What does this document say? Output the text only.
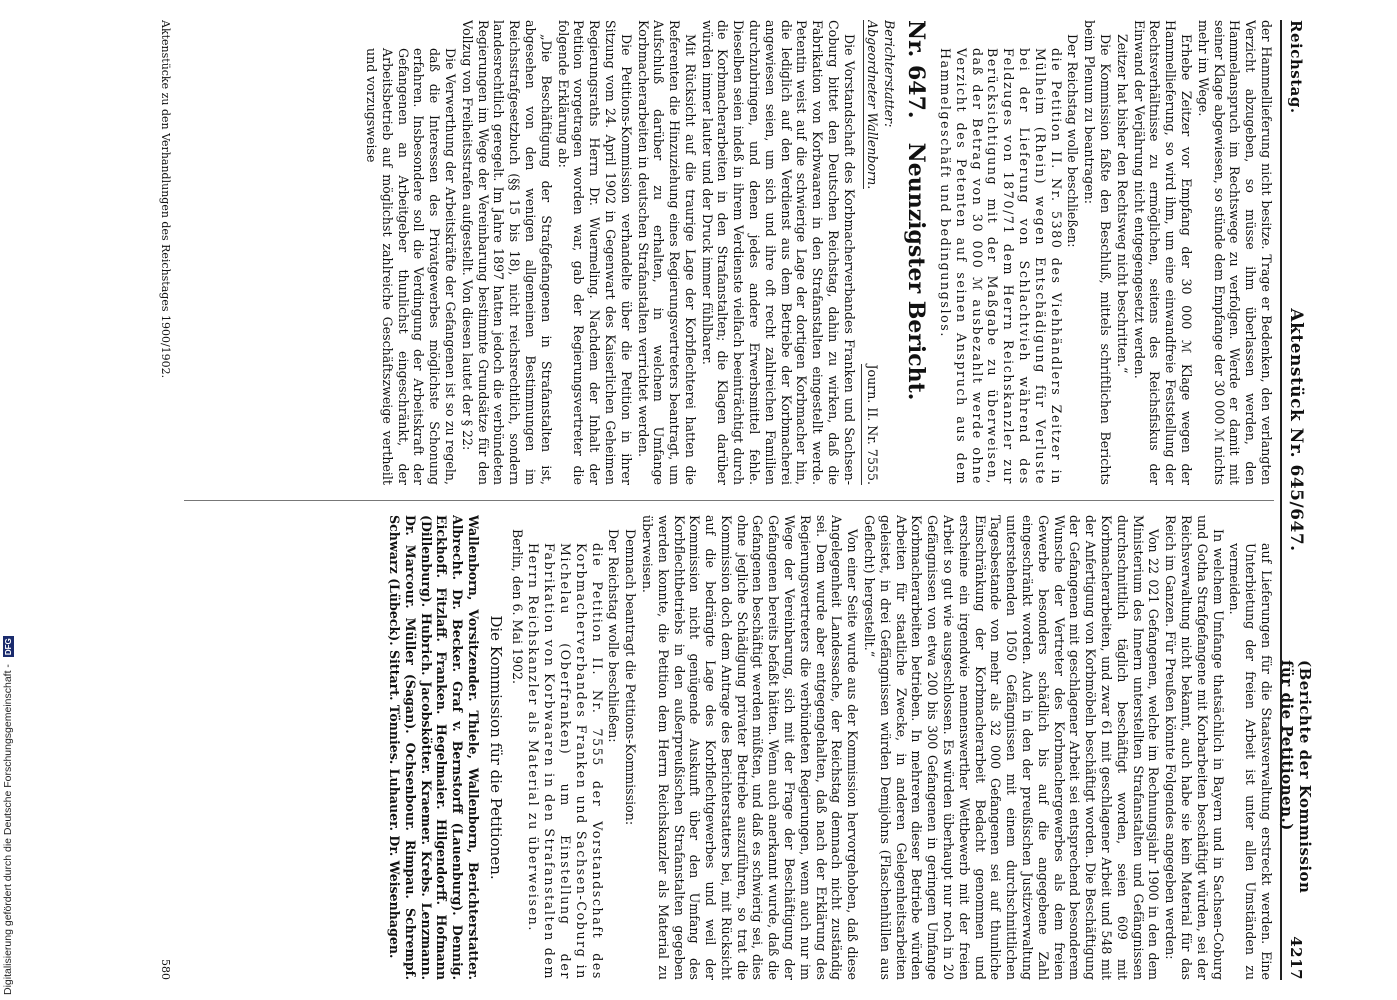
Digitalisierung gefördert durch die Deutsche Forschungsgemeinschaft - DFG
Reichstag.
Aktenstück Nr. 645/647.
(Berichte der Kommission für die Petitionen.)
4217

der Hammellieferung nicht besitze. Trage er Bedenken, den verlangten Verzicht abzugeben, so müsse ihm überlassen werden, den Hammelanspruch im Rechtswege zu verfolgen. Werde er damit mit seiner Klage abgewiesen, so stünde dem Empfange der 30 000 ℳ nichts mehr im Wege.

Erhebe Zeitzer vor Empfang der 30 000 ℳ Klage wegen der Hammellieferung, so wird ihm, um eine einwandfreie Feststellung der Rechtsverhältnisse zu ermöglichen, seitens des Reichsfiskus der Einwand der Verjährung nicht entgegengesetzt werden.

Zeitzer hat bisher den Rechtsweg nicht beschritten.“

Die Kommission faßte den Beschluß, mittels schriftlichen Berichts beim Plenum zu beantragen:

Der Reichstag wolle beschließen:

die Petition II. Nr. 5380 des Viehhändlers Zeitzer in Mülheim (Rhein) wegen Entschädigung für Verluste bei der Lieferung von Schlachtvieh während des Feldzuges von 1870/71 dem Herrn Reichskanzler zur Berücksichtigung mit der Maßgabe zu überweisen, daß der Betrag von 30 000 ℳ ausbezahlt werde ohne Verzicht des Petenten auf seinen Anspruch aus dem Hammelgeschäft und bedingungslos.

Nr. 647.
Neunzigster Bericht.
Berichterstatter:
Abgeordneter Wallenborn.
Journ. II. Nr. 7555.

Die Vorstandschaft des Korbmacherverbandes Franken und Sachsen-Coburg bittet den Deutschen Reichstag, dahin zu wirken, daß die Fabrikation von Korbwaaren in den Strafanstalten eingestellt werde. Petentin weist auf die schwierige Lage der dortigen Korbmacher hin, die lediglich auf den Verdienst aus dem Betriebe der Korbmacherei angewiesen seien, um sich und ihre oft recht zahlreichen Familien durchzubringen, und denen jedes andere Erwerbsmittel fehle. Dieselben seien indeß in ihrem Verdienste vielfach beeinträchtigt durch die Korbmacherarbeiten in den Strafanstalten; die Klagen darüber würden immer lauter und der Druck immer fühlbarer.

Mit Rücksicht auf die traurige Lage der Korbflechterei hatten die Referenten die Hinzuziehung eines Regierungsvertreters beantragt, um Aufschluß darüber zu erhalten, in welchem Umfange Korbmacherarbeiten in deutschen Strafanstalten verrichtet werden.

Die Petitions-Kommission verhandelte über die Petition in ihrer Sitzung vom 24. April 1902 in Gegenwart des Kaiserlichen Geheimen Regierungsraths Herrn Dr. Wuermeling. Nachdem der Inhalt der Petition vorgetragen worden war, gab der Regierungsvertreter die folgende Erklärung ab:

„Die Beschäftigung der Strafgefangenen in Strafanstalten ist, abgesehen von den wenigen allgemeinen Bestimmungen im Reichsstrafgesetzbuch (§§ 15 bis 18), nicht reichsrechtlich, sondern landesrechtlich geregelt. Im Jahre 1897 hatten jedoch die verbündeten Regierungen im Wege der Vereinbarung bestimmte Grundsätze für den Vollzug von Freiheitsstrafen aufgestellt. Von diesen lautet der § 22:

Die Verwerthung der Arbeitskräfte der Gefangenen ist so zu regeln, daß die Interessen des Privatgewerbes möglichste Schonung erfahren. Insbesondere soll die Verdingung der Arbeitskraft der Gefangenen an Arbeitgeber thunlichst eingeschränkt, der Arbeitsbetrieb auf möglichst zahlreiche Geschäftszweige vertheilt und vorzugsweise

auf Lieferungen für die Staatsverwaltung erstreckt werden. Eine Unterbietung der freien Arbeit ist unter allen Umständen zu vermeiden.

In welchem Umfange thatsächlich in Bayern und in Sachsen-Coburg und Gotha Strafgefangene mit Korbarbeiten beschäftigt würden, sei der Reichsverwaltung nicht bekannt, auch habe sie kein Material für das Reich im Ganzen. Für Preußen könnte Folgendes angegeben werden:

Von 22 021 Gefangenen, welche im Rechnungsjahr 1900 in den dem Ministerium des Innern unterstellten Strafanstalten und Gefängnissen durchschnittlich täglich beschäftigt worden, seien 609 mit Korbmacherarbeiten, und zwar 61 mit geschlagener Arbeit und 548 mit der Anfertigung von Korbmöbeln beschäftigt worden. Die Beschäftigung der Gefangenen mit geschlagener Arbeit sei entsprechend besonderem Wunsche der Vertreter des Korbmachergewerbes als dem freien Gewerbe besonders schädlich bis auf die angegebene Zahl eingeschränkt worden. Auch in den der preußischen Justizverwaltung unterstehenden 1050 Gefängnissen mit einem durchschnittlichen Tagesbestande von mehr als 32 000 Gefangenen sei auf thunliche Einschränkung der Korbmacherarbeit Bedacht genommen und erscheine ein irgendwie nennenswerther Wettbewerb mit der freien Arbeit so gut wie ausgeschlossen. Es würden überhaupt nur noch in 20 Gefängnissen von etwa 200 bis 300 Gefangenen in geringem Umfange Korbmacherarbeiten betrieben. In mehreren dieser Betriebe würden Arbeiten für staatliche Zwecke, in anderen Gelegenheitsarbeiten geleistet, in drei Gefängnissen würden Demijohns (Flaschenhüllen aus Geflecht) hergestellt.“

Von einer Seite wurde aus der Kommission hervorgehoben, daß diese Angelegenheit Landessache, der Reichstag demnach nicht zuständig sei. Dem wurde aber entgegengehalten, daß nach der Erklärung des Regierungsvertreters die verbündeten Regierungen, wenn auch nur im Wege der Vereinbarung, sich mit der Frage der Beschäftigung der Gefangenen bereits befaßt hätten. Wenn auch anerkannt wurde, daß die Gefangenen beschäftigt werden müßten, und daß es schwierig sei, dies ohne jegliche Schädigung privater Betriebe auszuführen, so trat die Kommission doch dem Antrage des Berichterstatters bei, mit Rücksicht auf die bedrängte Lage des Korbflechtgewerbes und weil der Kommission nicht genügende Auskunft über den Umfang des Korbflechtbetriebs in den außerpreußischen Strafanstalten gegeben werden konnte, die Petition dem Herrn Reichskanzler als Material zu überweisen.

Demnach beantragt die Petitions-Kommission:

Der Reichstag wolle beschließen:

die Petition II. Nr. 7555 der Vorstandschaft des Korbmacherverbandes Franken und Sachsen-Coburg in Michelau (Oberfranken) um Einstellung der Fabrikation von Korbwaaren in den Strafanstalten dem Herrn Reichskanzler als Material zu überweisen.

Berlin, den 6. Mai 1902.

Die Kommission für die Petitionen.

Wallenborn, Vorsitzender. Thiele, Wallenborn, Berichterstatter. Albrecht. Dr. Becker. Graf v. Bernstorff (Lauenburg). Dennig. Eickhoff. Fitzlaff. Franken. Hegelmaier. Hilgendorff. Hofmann (Dillenburg). Hubrich. Jacobskötter. Kraemer. Krebs. Lenzmann. Dr. Marcour. Müller (Sagan). Ochsenbour. Rimpau. Schrempf. Schwarz (Lübeck). Sittart. Tönnies. Luhauer. Dr. Weisenhagen.

Aktenstücke zu den Verhandlungen des Reichstages 1900/1902.
580
